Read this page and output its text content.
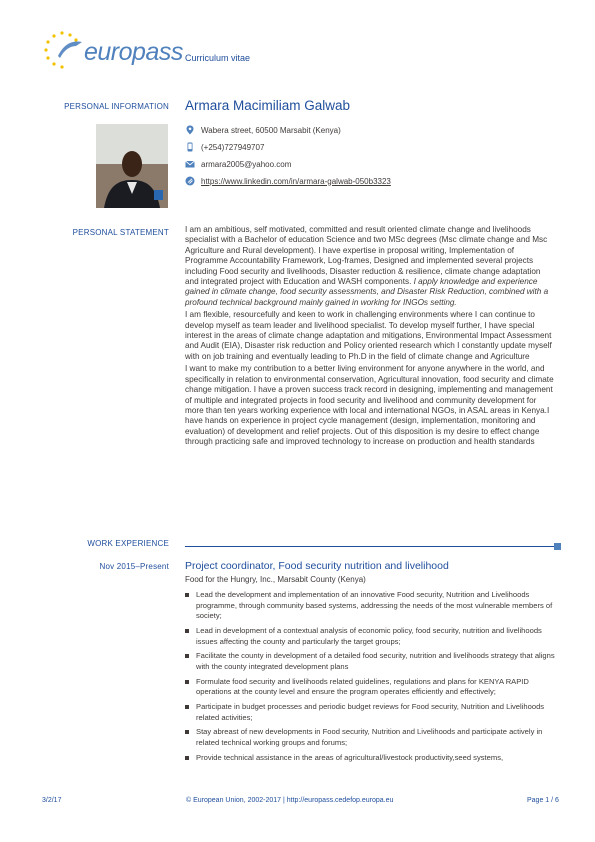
europass Curriculum vitae
PERSONAL INFORMATION Armara Macimiliam Galwab
Wabera street, 60500 Marsabit (Kenya)
(+254)727949707
armara2005@yahoo.com
https://www.linkedin.com/in/armara-galwab-050b3323
PERSONAL STATEMENT I am an ambitious, self motivated, committed and result oriented climate change and livelihoods specialist with a Bachelor of education Science and two MSc degrees (Msc climate change and Msc Agriculture and Rural development). I have expertise in proposal writing, Implementation of Programme Accountability Framework, Log-frames, Designed and implemented several projects including Food security and livelihoods, Disaster reduction & resilience, climate change adaptation and integrated project with Education and WASH components. I apply knowledge and experience gained in climate change, food security assessments, and Disaster Risk Reduction, combined with a profound technical background mainly gained in working for INGOs setting.

I am flexible, resourcefully and keen to work in challenging environments where I can continue to develop myself as team leader and livelihood specialist. To develop myself further, I have special interest in the areas of climate change adaptation and mitigations, Environmental Impact Assessment and Audit (EIA), Disaster risk reduction and Policy oriented research which I constantly update myself with on job training and eventually leading to Ph.D in the field of climate change and Agriculture

I want to make my contribution to a better living environment for anyone anywhere in the world, and specifically in relation to environmental conservation, Agricultural innovation, food security and climate change mitigation. I have a proven success track record in designing, implementing and management of multiple and integrated projects in food security and livelihood and community development for more than ten years working experience with local and international NGOs, in ASAL areas in Kenya.I have hands on experience in project cycle management (design, implementation, monitoring and evaluation) of development and relief projects. Out of this disposition is my desire to effect change through practicing safe and improved technology to increase on production and health standards

WORK EXPERIENCE
Nov 2015–Present Project coordinator, Food security nutrition and livelihood
Food for the Hungry, Inc., Marsabit County (Kenya)
Lead the development and implementation of an innovative Food security, Nutrition and Livelihoods programme, through community based systems, addressing the needs of the most vulnerable members of society;
Lead in development of a contextual analysis of economic policy, food security, nutrition and livelihoods issues affecting the county and particularly the target groups;
Facilitate the county in development of a detailed food security, nutrition and livelihoods strategy that aligns with the county integrated development plans
Formulate food security and livelihoods related guidelines, regulations and plans for KENYA RAPID operations at the county level and ensure the program operates efficiently and effectively;
Participate in budget processes and periodic budget reviews for Food security, Nutrition and Livelihoods related activities;
Stay abreast of new developments in Food security, Nutrition and Livelihoods and participate actively in related technical working groups and forums;
Provide technical assistance in the areas of agricultural/livestock productivity,seed systems,
3/2/17	© European Union, 2002-2017 | http://europass.cedefop.europa.eu	Page 1 / 6
